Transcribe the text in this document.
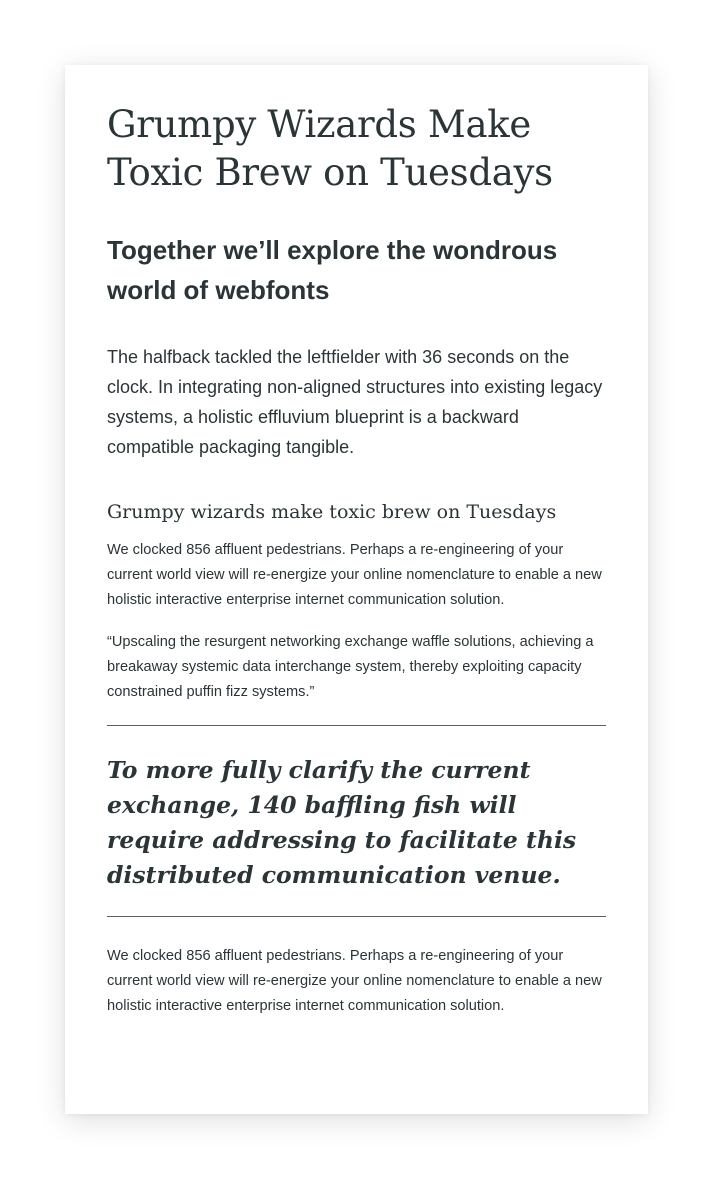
Grumpy Wizards Make Toxic Brew on Tuesdays
Together we’ll explore the wondrous world of webfonts

The halfback tackled the leftfielder with 36 seconds on the clock. In integrating non-aligned structures into existing legacy systems, a holistic effluvium blueprint is a backward compatible packaging tangible.

Grumpy wizards make toxic brew on Tuesdays

We clocked 856 affluent pedestrians. Perhaps a re-engineering of your current world view will re-energize your online nomenclature to enable a new holistic interactive enterprise internet communication solution.

“Upscaling the resurgent networking exchange waffle solutions, achieving a breakaway systemic data interchange system, thereby exploiting capacity constrained puffin fizz systems.”

To more fully clarify the current exchange, 140 baffling fish will require addressing to facilitate this distributed communication venue.

We clocked 856 affluent pedestrians. Perhaps a re-engineering of your current world view will re-energize your online nomenclature to enable a new holistic interactive enterprise internet communication solution.
